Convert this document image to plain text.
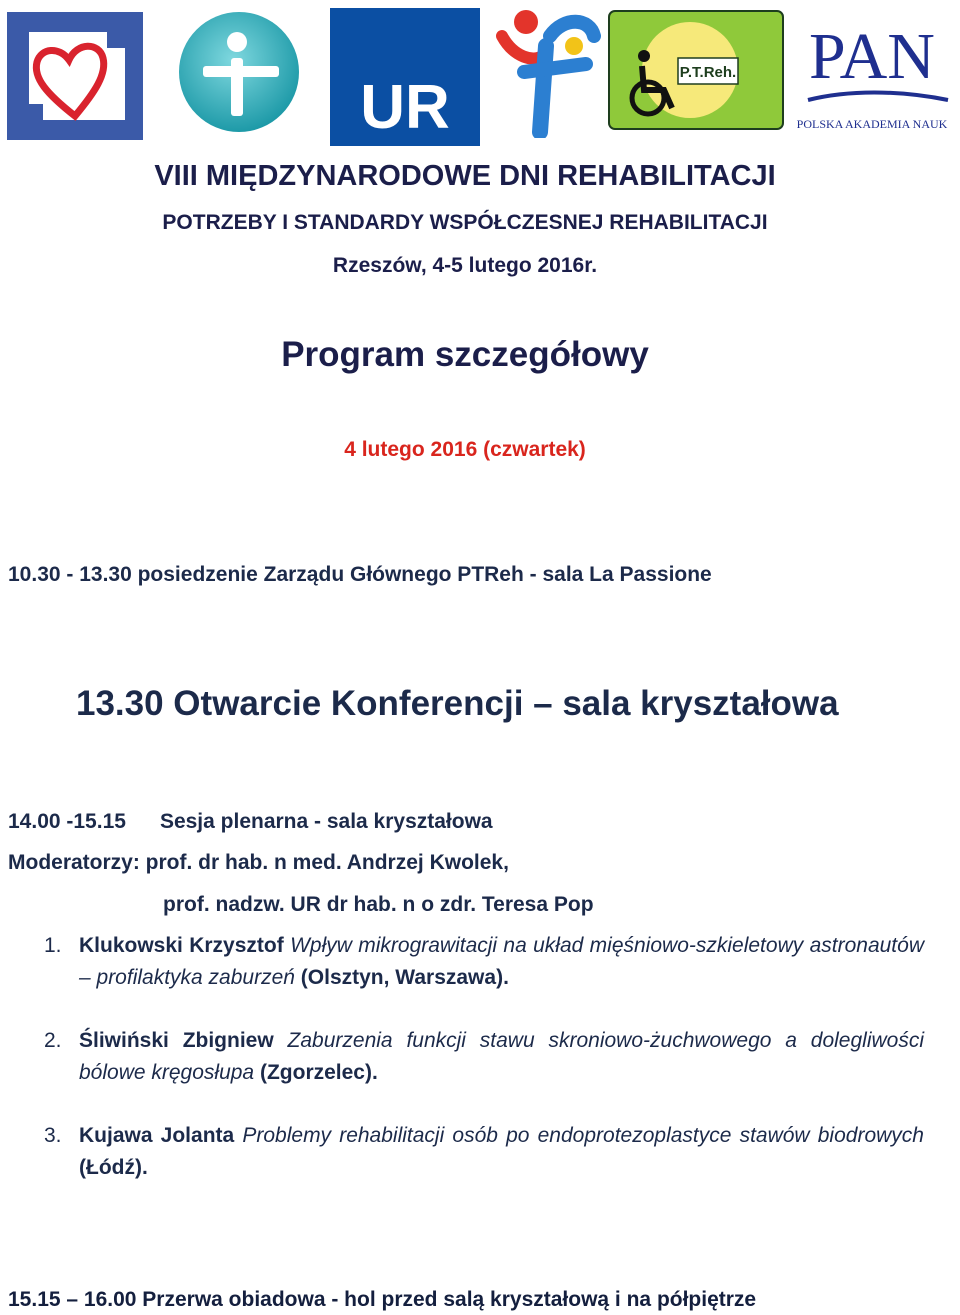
UR
P.T.Reh. PAN
POLSKA AKADEMIA NAUK
VIII MIĘDZYNARODOWE DNI REHABILITACJI
POTRZEBY I STANDARDY WSPÓŁCZESNEJ REHABILITACJI
Rzeszów, 4-5 lutego 2016r.
Program szczegółowy
4 lutego 2016 (czwartek)
10.30 - 13.30 posiedzenie Zarządu Głównego PTReh - sala La Passione
13.30 Otwarcie Konferencji – sala kryształowa
14.00 -15.15 Sesja plenarna - sala kryształowa
Moderatorzy: prof. dr hab. n med. Andrzej Kwolek,
prof. nadzw. UR dr hab. n o zdr. Teresa Pop
1. Klukowski Krzysztof Wpływ mikrograwitacji na układ mięśniowo-szkieletowy astronautów – profilaktyka zaburzeń (Olsztyn, Warszawa).
2. Śliwiński Zbigniew Zaburzenia funkcji stawu skroniowo-żuchwowego a dolegliwości bólowe kręgosłupa (Zgorzelec).
3. Kujawa Jolanta Problemy rehabilitacji osób po endoprotezoplastyce stawów biodrowych (Łódź).
15.15 – 16.00 Przerwa obiadowa - hol przed salą kryształową i na półpiętrze
